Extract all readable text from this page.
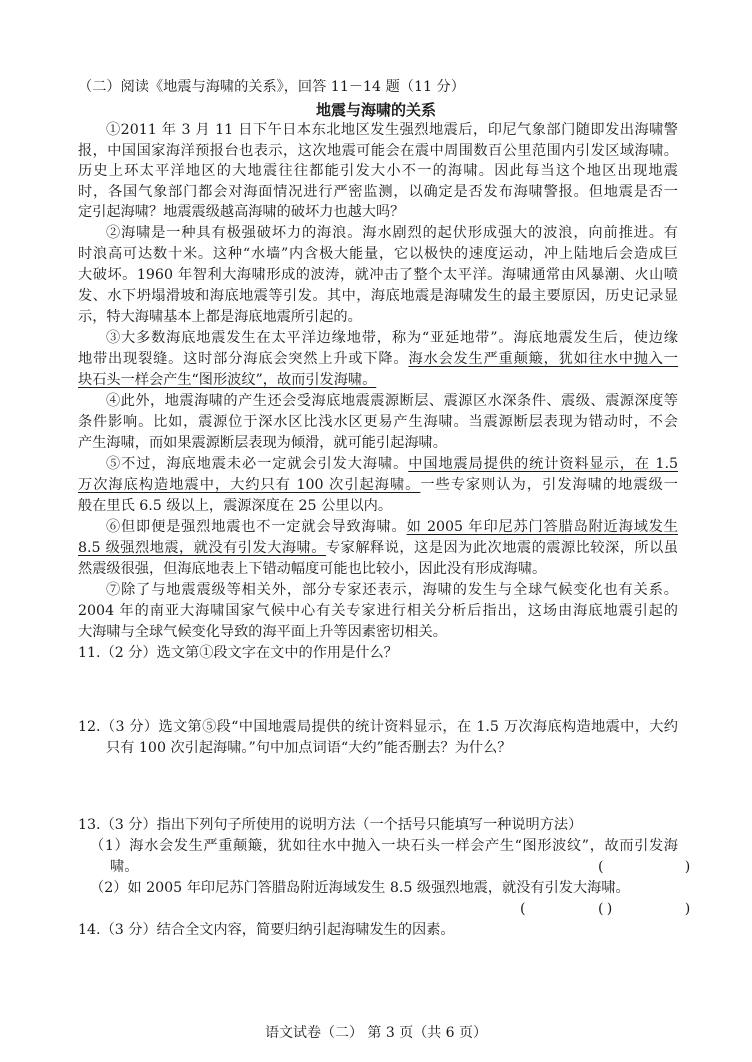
（二）阅读《地震与海啸的关系》，回答 11－14 题（11 分）
地震与海啸的关系
①2011 年 3 月 11 日下午日本东北地区发生强烈地震后，印尼气象部门随即发出海啸警
报，中国国家海洋预报台也表示，这次地震可能会在震中周围数百公里范围内引发区域海啸。
历史上环太平洋地区的大地震往往都能引发大小不一的海啸。因此每当这个地区出现地震
时，各国气象部门都会对海面情况进行严密监测，以确定是否发布海啸警报。但地震是否一
定引起海啸？地震震级越高海啸的破坏力也越大吗？
②海啸是一种具有极强破坏力的海浪。海水剧烈的起伏形成强大的波浪，向前推进。有
时浪高可达数十米。这种“水墙”内含极大能量，它以极快的速度运动，冲上陆地后会造成巨
大破坏。1960 年智利大海啸形成的波涛，就冲击了整个太平洋。海啸通常由风暴潮、火山喷
发、水下坍塌滑坡和海底地震等引发。其中，海底地震是海啸发生的最主要原因，历史记录显
示，特大海啸基本上都是海底地震所引起的。
③大多数海底地震发生在太平洋边缘地带，称为“亚延地带”。海底地震发生后，使边缘
地带出现裂缝。这时部分海底会突然上升或下降。海水会发生严重颠簸，犹如往水中抛入一
块石头一样会产生“图形波纹”，故而引发海啸。
④此外，地震海啸的产生还会受海底地震震源断层、震源区水深条件、震级、震源深度等
条件影响。比如，震源位于深水区比浅水区更易产生海啸。当震源断层表现为错动时，不会
产生海啸，而如果震源断层表现为倾滑，就可能引起海啸。
⑤不过，海底地震未必一定就会引发大海啸。中国地震局提供的统计资料显示，在 1.5
万次海底构造地震中，大约只有 100 次引起海啸。一些专家则认为，引发海啸的地震级一
般在里氏 6.5 级以上，震源深度在 25 公里以内。
⑥但即便是强烈地震也不一定就会导致海啸。如 2005 年印尼苏门答腊岛附近海域发生
8.5 级强烈地震，就没有引发大海啸。专家解释说，这是因为此次地震的震源比较深，所以虽
然震级很强，但海底地表上下错动幅度可能也比较小，因此没有形成海啸。
⑦除了与地震震级等相关外，部分专家还表示，海啸的发生与全球气候变化也有关系。
2004 年的南亚大海啸国家气候中心有关专家进行相关分析后指出，这场由海底地震引起的
大海啸与全球气候变化导致的海平面上升等因素密切相关。
11.（2 分）选文第①段文字在文中的作用是什么？
12.（3 分）选文第⑤段“中国地震局提供的统计资料显示，在 1.5 万次海底构造地震中，大约
只有 100 次引起海啸。”句中加点词语“大约”能否删去？为什么？
13.（3 分）指出下列句子所使用的说明方法（一个括号只能填写一种说明方法）
（1）海水会发生严重颠簸，犹如往水中抛入一块石头一样会产生“图形波纹”，故而引发海
啸。	(                  )
（2）如 2005 年印尼苏门答腊岛附近海域发生 8.5 级强烈地震，就没有引发大海啸。
(                  )
(                  )
14.（3 分）结合全文内容，简要归纳引起海啸发生的因素。
语文试卷（二） 第 3 页（共 6 页）
